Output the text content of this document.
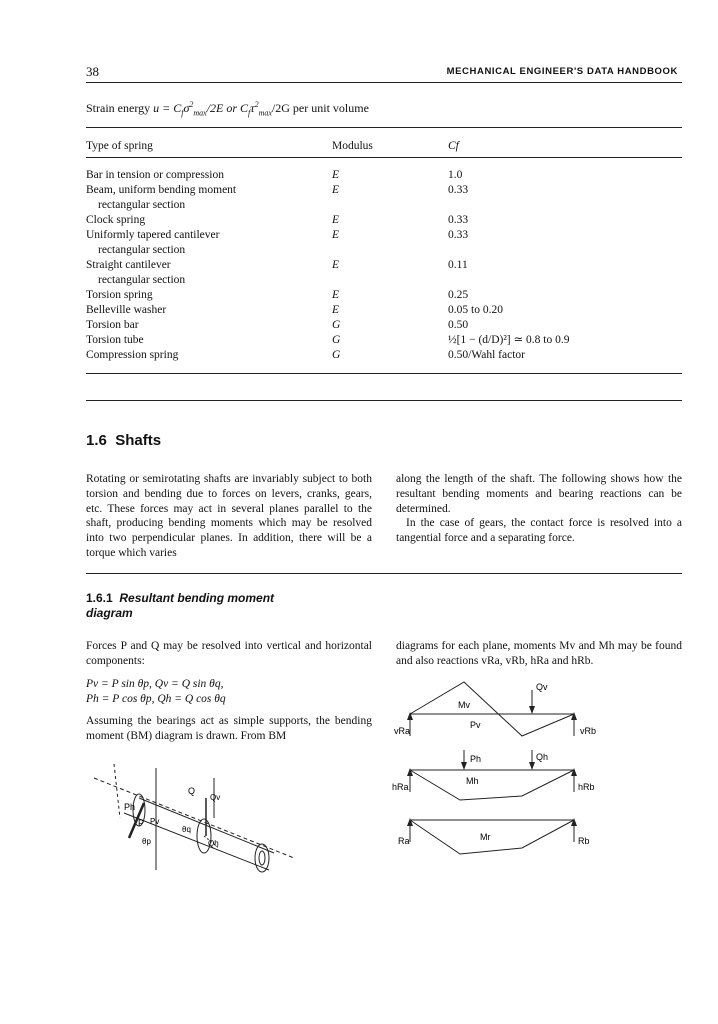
38	MECHANICAL ENGINEER'S DATA HANDBOOK
Strain energy $u = C_f\sigma^2_{max}/2E$ or $C_f\tau^2_{max}/2G$ per unit volume
Type of spring	Modulus	Cf

Bar in tension or compression	E	1.0
Beam, uniform bending moment	E	0.33
rectangular section		
Clock spring	E	0.33
Uniformly tapered cantilever	E	0.33
rectangular section		
Straight cantilever	E	0.11
rectangular section		
Torsion spring	E	0.25
Belleville washer	E	0.05 to 0.20
Torsion bar	G	0.50
Torsion tube	G	½[1 − (d/D)²] ≃ 0.8 to 0.9
Compression spring	G	0.50/Wahl factor
1.6 Shafts
Rotating or semirotating shafts are invariably subject to both torsion and bending due to forces on levers, cranks, gears, etc. These forces may act in several planes parallel to the shaft, producing bending moments which may be resolved into two perpendicular planes. In addition, there will be a torque which varies
along the length of the shaft. The following shows how the resultant bending moments and bearing reactions can be determined.
In the case of gears, the contact force is resolved into a tangential force and a separating force.
1.6.1 Resultant bending moment
diagram
Forces P and Q may be resolved into vertical and horizontal components:
Pv = P sin θp, Qv = Q sin θq,
Ph = P cos θp, Qh = Q cos θq
Assuming the bearings act as simple supports, the bending moment (BM) diagram is drawn. From BM
diagrams for each plane, moments Mv and Mh may be found and also reactions vRa, vRb, hRa and hRb.
Ph
P Pv
θp
Q
Qv
θq
Qh
Mv
Qv
vRa	vRb
Pv
Ph	Qh
Mh
hRa	hRb
Mr
Ra	Rb
